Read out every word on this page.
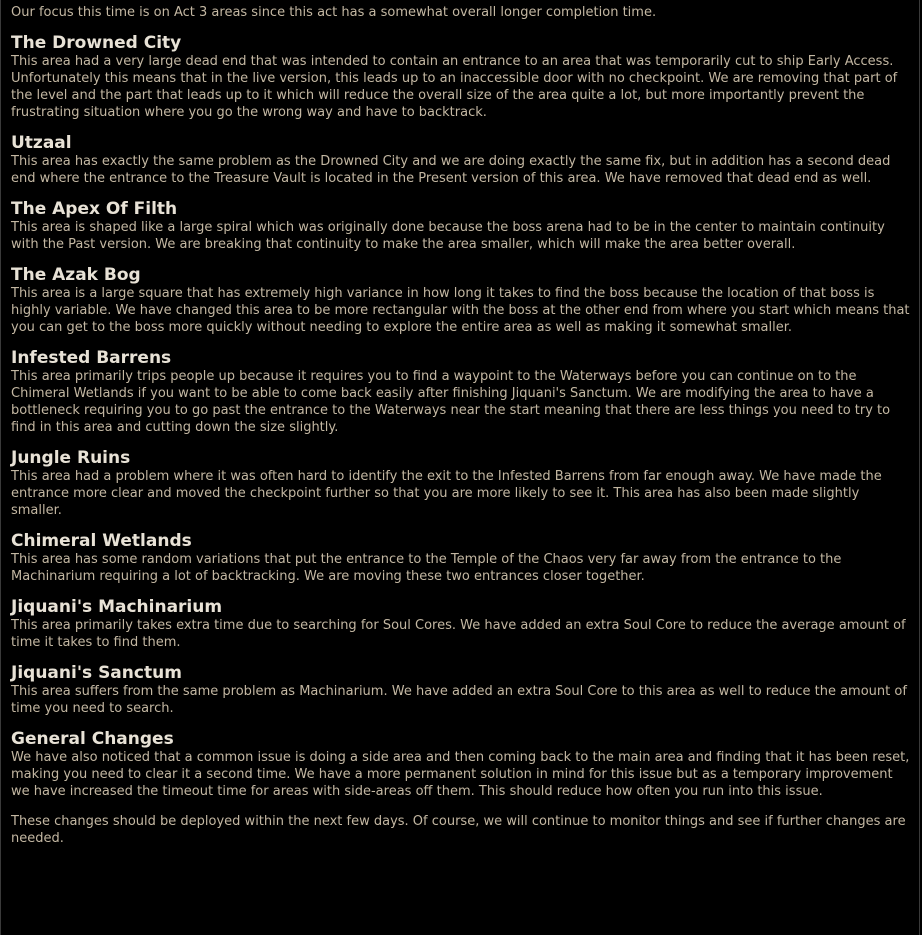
Our focus this time is on Act 3 areas since this act has a somewhat overall longer completion time.

The Drowned City

This area had a very large dead end that was intended to contain an entrance to an area that was temporarily cut to ship Early Access. Unfortunately this means that in the live version, this leads up to an inaccessible door with no checkpoint. We are removing that part of the level and the part that leads up to it which will reduce the overall size of the area quite a lot, but more importantly prevent the frustrating situation where you go the wrong way and have to backtrack.

Utzaal

This area has exactly the same problem as the Drowned City and we are doing exactly the same fix, but in addition has a second dead end where the entrance to the Treasure Vault is located in the Present version of this area. We have removed that dead end as well.

The Apex Of Filth

This area is shaped like a large spiral which was originally done because the boss arena had to be in the center to maintain continuity with the Past version. We are breaking that continuity to make the area smaller, which will make the area better overall.

The Azak Bog

This area is a large square that has extremely high variance in how long it takes to find the boss because the location of that boss is highly variable. We have changed this area to be more rectangular with the boss at the other end from where you start which means that you can get to the boss more quickly without needing to explore the entire area as well as making it somewhat smaller.

Infested Barrens

This area primarily trips people up because it requires you to find a waypoint to the Waterways before you can continue on to the Chimeral Wetlands if you want to be able to come back easily after finishing Jiquani's Sanctum. We are modifying the area to have a bottleneck requiring you to go past the entrance to the Waterways near the start meaning that there are less things you need to try to find in this area and cutting down the size slightly.

Jungle Ruins

This area had a problem where it was often hard to identify the exit to the Infested Barrens from far enough away. We have made the entrance more clear and moved the checkpoint further so that you are more likely to see it. This area has also been made slightly smaller.

Chimeral Wetlands

This area has some random variations that put the entrance to the Temple of the Chaos very far away from the entrance to the Machinarium requiring a lot of backtracking. We are moving these two entrances closer together.

Jiquani's Machinarium

This area primarily takes extra time due to searching for Soul Cores. We have added an extra Soul Core to reduce the average amount of time it takes to find them.

Jiquani's Sanctum

This area suffers from the same problem as Machinarium. We have added an extra Soul Core to this area as well to reduce the amount of time you need to search.

General Changes

We have also noticed that a common issue is doing a side area and then coming back to the main area and finding that it has been reset, making you need to clear it a second time. We have a more permanent solution in mind for this issue but as a temporary improvement we have increased the timeout time for areas with side-areas off them. This should reduce how often you run into this issue.

These changes should be deployed within the next few days. Of course, we will continue to monitor things and see if further changes are needed.
